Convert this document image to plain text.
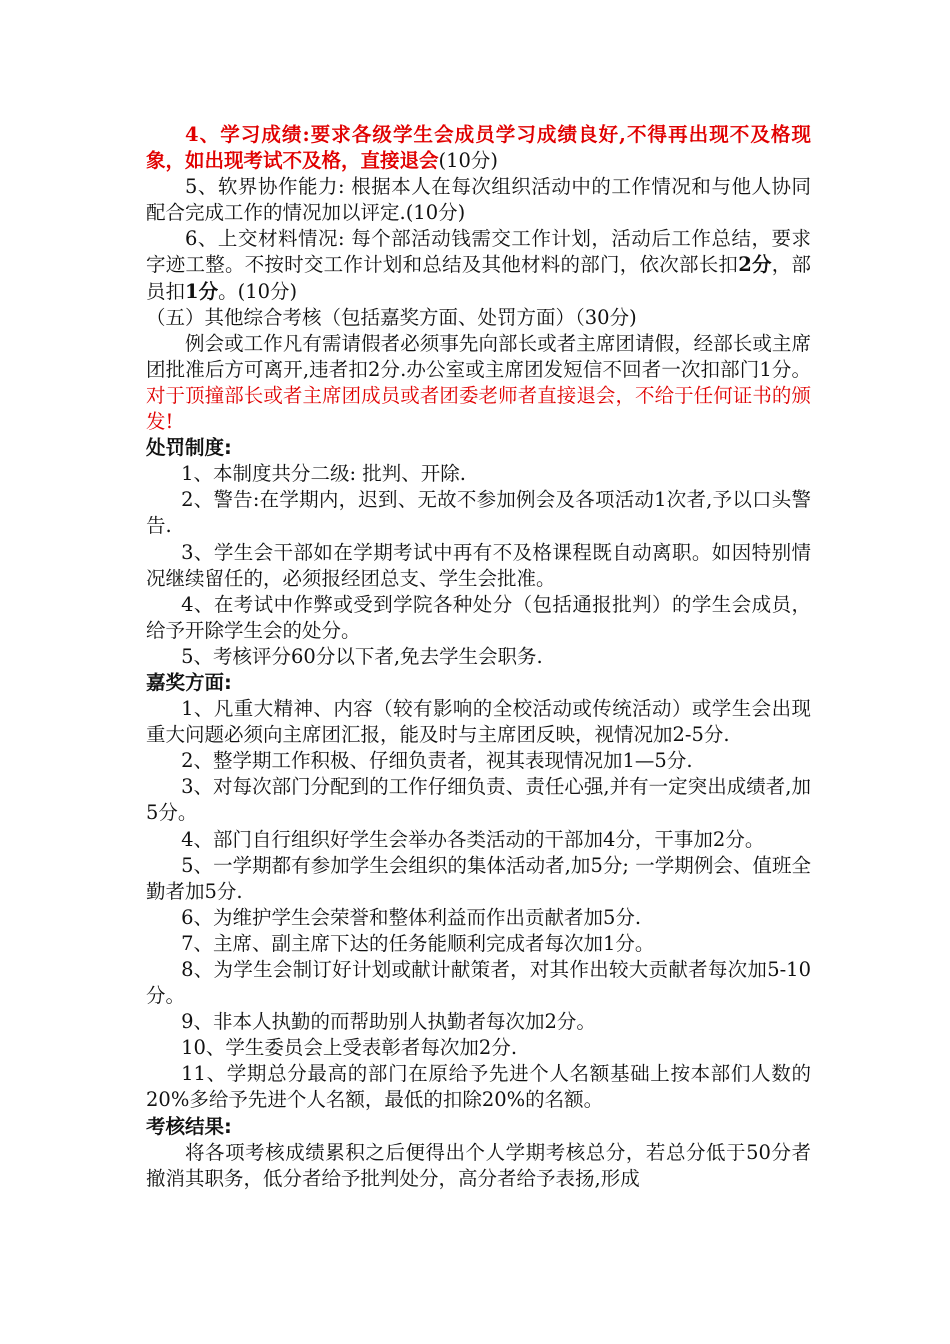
4、学习成绩:要求各级学生会成员学习成绩良好,不得再出现不及格现象，如出现考试不及格，直接退会(10分)

5、软界协作能力: 根据本人在每次组织活动中的工作情况和与他人协同配合完成工作的情况加以评定.(10分)

6、上交材料情况: 每个部活动钱需交工作计划，活动后工作总结，要求字迹工整。不按时交工作计划和总结及其他材料的部门，依次部长扣2分，部员扣1分。(10分)

（五）其他综合考核（包括嘉奖方面、处罚方面）（30分)

例会或工作凡有需请假者必须事先向部长或者主席团请假，经部长或主席团批准后方可离开,违者扣2分.办公室或主席团发短信不回者一次扣部门1分。对于顶撞部长或者主席团成员或者团委老师者直接退会，不给于任何证书的颁发!

处罚制度:

1、本制度共分二级: 批判、开除.

2、警告:在学期内，迟到、无故不参加例会及各项活动1次者,予以口头警告.

3、学生会干部如在学期考试中再有不及格课程既自动离职。如因特别情况继续留任的，必须报经团总支、学生会批准。

4、在考试中作弊或受到学院各种处分（包括通报批判）的学生会成员，给予开除学生会的处分。

5、考核评分60分以下者,免去学生会职务.

嘉奖方面:

1、凡重大精神、内容（较有影响的全校活动或传统活动）或学生会出现重大问题必须向主席团汇报，能及时与主席团反映，视情况加2-5分.

2、整学期工作积极、仔细负责者，视其表现情况加1—5分.

3、对每次部门分配到的工作仔细负责、责任心强,并有一定突出成绩者,加5分。

4、部门自行组织好学生会举办各类活动的干部加4分，干事加2分。

5、一学期都有参加学生会组织的集体活动者,加5分; 一学期例会、值班全勤者加5分.

6、为维护学生会荣誉和整体利益而作出贡献者加5分.

7、主席、副主席下达的任务能顺利完成者每次加1分。

8、为学生会制订好计划或献计献策者，对其作出较大贡献者每次加5-10分。

9、非本人执勤的而帮助别人执勤者每次加2分。

10、学生委员会上受表彰者每次加2分.

11、学期总分最高的部门在原给予先进个人名额基础上按本部们人数的20%多给予先进个人名额，最低的扣除20%的名额。

考核结果:

将各项考核成绩累积之后便得出个人学期考核总分，若总分低于50分者撤消其职务，低分者给予批判处分，高分者给予表扬,形成
